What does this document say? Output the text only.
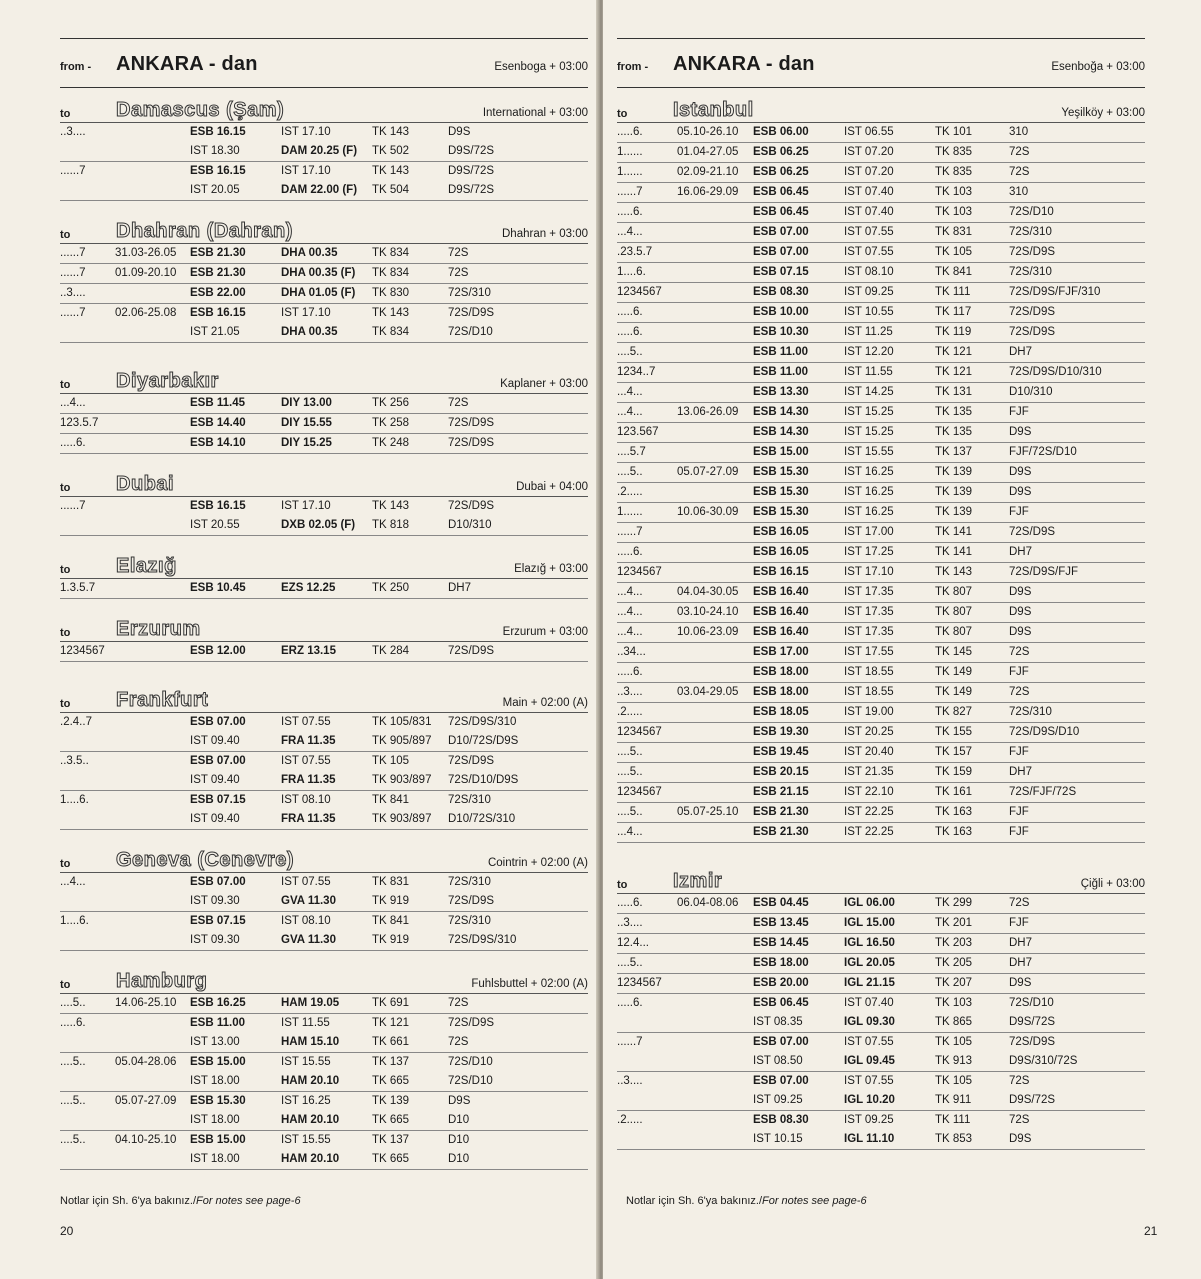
from -	ANKARA - dan	Esenboga + 03:00
to	Damascus (Şam)	International + 03:00
..3....	ESB 16.15	IST 17.10	TK 143	D9S
IST 18.30	DAM 20.25 (F)	TK 502	D9S/72S
......7	ESB 16.15	IST 17.10	TK 143	D9S/72S
IST 20.05	DAM 22.00 (F)	TK 504	D9S/72S
to	Dhahran (Dahran)	Dhahran + 03:00
......7	31.03-26.05	ESB 21.30	DHA 00.35	TK 834	72S
......7	01.09-20.10	ESB 21.30	DHA 00.35 (F)	TK 834	72S
..3....	ESB 22.00	DHA 01.05 (F)	TK 830	72S/310
......7	02.06-25.08	ESB 16.15	IST 17.10	TK 143	72S/D9S
IST 21.05	DHA 00.35	TK 834	72S/D10
to	Diyarbakır	Kaplaner + 03:00
...4...	ESB 11.45	DIY 13.00	TK 256	72S
123.5.7	ESB 14.40	DIY 15.55	TK 258	72S/D9S
.....6.	ESB 14.10	DIY 15.25	TK 248	72S/D9S
to	Dubai	Dubai + 04:00
......7	ESB 16.15	IST 17.10	TK 143	72S/D9S
IST 20.55	DXB 02.05 (F)	TK 818	D10/310
to	Elazığ	Elazığ + 03:00
1.3.5.7	ESB 10.45	EZS 12.25	TK 250	DH7
to	Erzurum	Erzurum + 03:00
1234567	ESB 12.00	ERZ 13.15	TK 284	72S/D9S
to	Frankfurt	Main + 02:00 (A)
.2.4..7	ESB 07.00	IST 07.55	TK 105/831	72S/D9S/310
IST 09.40	FRA 11.35	TK 905/897	D10/72S/D9S
..3.5..	ESB 07.00	IST 07.55	TK 105	72S/D9S
IST 09.40	FRA 11.35	TK 903/897	72S/D10/D9S
1....6.	ESB 07.15	IST 08.10	TK 841	72S/310
IST 09.40	FRA 11.35	TK 903/897	D10/72S/310
to	Geneva (Cenevre)	Cointrin + 02:00 (A)
...4...	ESB 07.00	IST 07.55	TK 831	72S/310
IST 09.30	GVA 11.30	TK 919	72S/D9S
1....6.	ESB 07.15	IST 08.10	TK 841	72S/310
IST 09.30	GVA 11.30	TK 919	72S/D9S/310
to	Hamburg	Fuhlsbuttel + 02:00 (A)
....5..	14.06-25.10	ESB 16.25	HAM 19.05	TK 691	72S
.....6.	ESB 11.00	IST 11.55	TK 121	72S/D9S
IST 13.00	HAM 15.10	TK 661	72S
....5..	05.04-28.06	ESB 15.00	IST 15.55	TK 137	72S/D10
IST 18.00	HAM 20.10	TK 665	72S/D10
....5..	05.07-27.09	ESB 15.30	IST 16.25	TK 139	D9S
IST 18.00	HAM 20.10	TK 665	D10
....5..	04.10-25.10	ESB 15.00	IST 15.55	TK 137	D10
IST 18.00	HAM 20.10	TK 665	D10
Notlar için Sh. 6'ya bakınız./For notes see page-6
20
from -	ANKARA - dan	Esenboğa + 03:00
to	Istanbul	Yeşilköy + 03:00
.....6.	05.10-26.10	ESB 06.00	IST 06.55	TK 101	310
1......	01.04-27.05	ESB 06.25	IST 07.20	TK 835	72S
1......	02.09-21.10	ESB 06.25	IST 07.20	TK 835	72S
......7	16.06-29.09	ESB 06.45	IST 07.40	TK 103	310
.....6.	ESB 06.45	IST 07.40	TK 103	72S/D10
...4...	ESB 07.00	IST 07.55	TK 831	72S/310
.23.5.7	ESB 07.00	IST 07.55	TK 105	72S/D9S
1....6.	ESB 07.15	IST 08.10	TK 841	72S/310
1234567	ESB 08.30	IST 09.25	TK 111	72S/D9S/FJF/310
.....6.	ESB 10.00	IST 10.55	TK 117	72S/D9S
.....6.	ESB 10.30	IST 11.25	TK 119	72S/D9S
....5..	ESB 11.00	IST 12.20	TK 121	DH7
1234..7	ESB 11.00	IST 11.55	TK 121	72S/D9S/D10/310
...4...	ESB 13.30	IST 14.25	TK 131	D10/310
...4...	13.06-26.09	ESB 14.30	IST 15.25	TK 135	FJF
123.567	ESB 14.30	IST 15.25	TK 135	D9S
....5.7	ESB 15.00	IST 15.55	TK 137	FJF/72S/D10
....5..	05.07-27.09	ESB 15.30	IST 16.25	TK 139	D9S
.2.....	ESB 15.30	IST 16.25	TK 139	D9S
1......	10.06-30.09	ESB 15.30	IST 16.25	TK 139	FJF
......7	ESB 16.05	IST 17.00	TK 141	72S/D9S
.....6.	ESB 16.05	IST 17.25	TK 141	DH7
1234567	ESB 16.15	IST 17.10	TK 143	72S/D9S/FJF
...4...	04.04-30.05	ESB 16.40	IST 17.35	TK 807	D9S
...4...	03.10-24.10	ESB 16.40	IST 17.35	TK 807	D9S
...4...	10.06-23.09	ESB 16.40	IST 17.35	TK 807	D9S
..34...	ESB 17.00	IST 17.55	TK 145	72S
.....6.	ESB 18.00	IST 18.55	TK 149	FJF
..3....	03.04-29.05	ESB 18.00	IST 18.55	TK 149	72S
.2.....	ESB 18.05	IST 19.00	TK 827	72S/310
1234567	ESB 19.30	IST 20.25	TK 155	72S/D9S/D10
....5..	ESB 19.45	IST 20.40	TK 157	FJF
....5..	ESB 20.15	IST 21.35	TK 159	DH7
1234567	ESB 21.15	IST 22.10	TK 161	72S/FJF/72S
....5..	05.07-25.10	ESB 21.30	IST 22.25	TK 163	FJF
...4...	ESB 21.30	IST 22.25	TK 163	FJF
to	Izmir	Çiğli + 03:00
.....6.	06.04-08.06	ESB 04.45	IGL 06.00	TK 299	72S
..3....	ESB 13.45	IGL 15.00	TK 201	FJF
12.4...	ESB 14.45	IGL 16.50	TK 203	DH7
....5..	ESB 18.00	IGL 20.05	TK 205	DH7
1234567	ESB 20.00	IGL 21.15	TK 207	D9S
.....6.	ESB 06.45	IST 07.40	TK 103	72S/D10
IST 08.35	IGL 09.30	TK 865	D9S/72S
......7	ESB 07.00	IST 07.55	TK 105	72S/D9S
IST 08.50	IGL 09.45	TK 913	D9S/310/72S
..3....	ESB 07.00	IST 07.55	TK 105	72S
IST 09.25	IGL 10.20	TK 911	D9S/72S
.2.....	ESB 08.30	IST 09.25	TK 111	72S
IST 10.15	IGL 11.10	TK 853	D9S
Notlar için Sh. 6'ya bakınız./For notes see page-6
21
